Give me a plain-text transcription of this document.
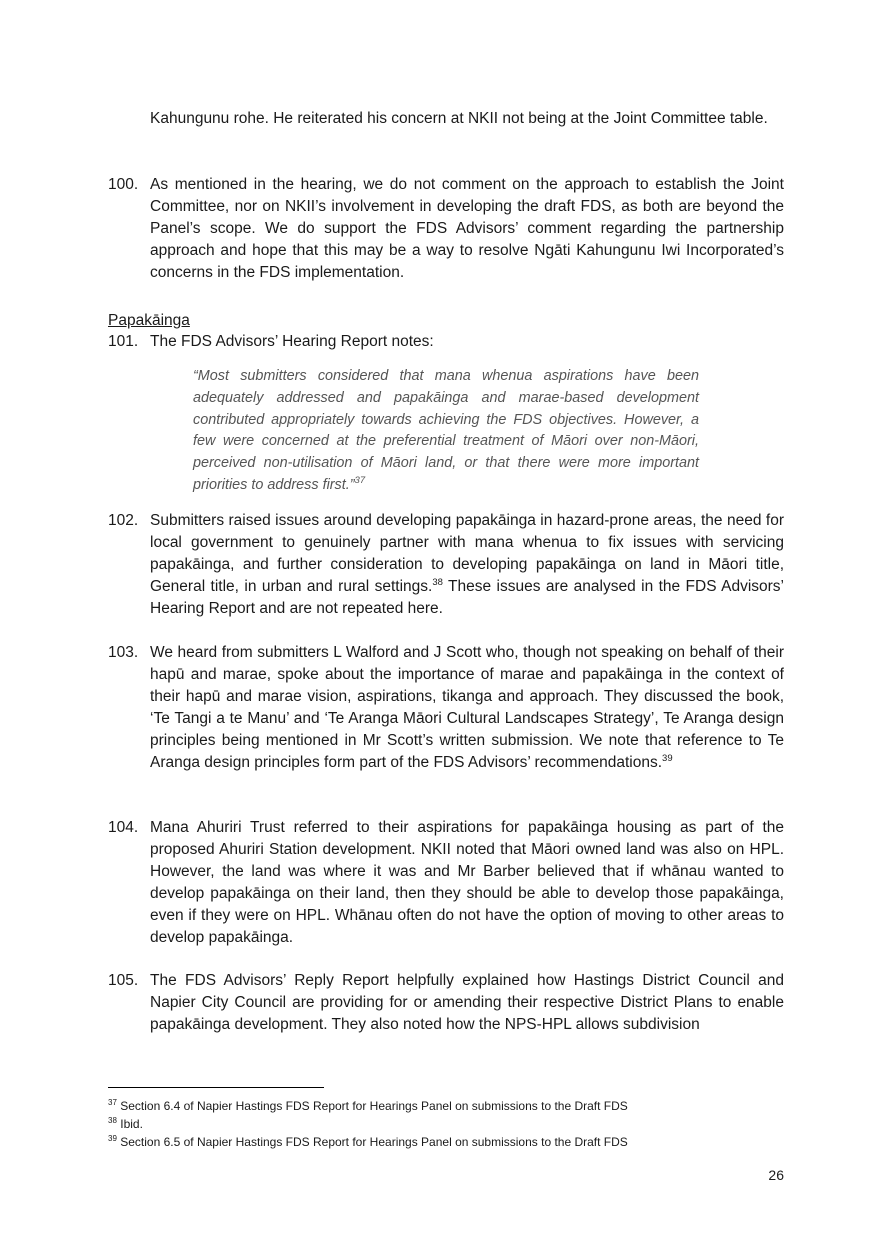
Kahungunu rohe. He reiterated his concern at NKII not being at the Joint Committee table.
100. As mentioned in the hearing, we do not comment on the approach to establish the Joint Committee, nor on NKII’s involvement in developing the draft FDS, as both are beyond the Panel’s scope. We do support the FDS Advisors’ comment regarding the partnership approach and hope that this may be a way to resolve Ngāti Kahungunu Iwi Incorporated’s concerns in the FDS implementation.
Papakāinga
101. The FDS Advisors’ Hearing Report notes:
“Most submitters considered that mana whenua aspirations have been adequately addressed and papakāinga and marae-based development contributed appropriately towards achieving the FDS objectives. However, a few were concerned at the preferential treatment of Māori over non-Māori, perceived non-utilisation of Māori land, or that there were more important priorities to address first.”$^{37}$
102. Submitters raised issues around developing papakāinga in hazard-prone areas, the need for local government to genuinely partner with mana whenua to fix issues with servicing papakāinga, and further consideration to developing papakāinga on land in Māori title, General title, in urban and rural settings.$^{38}$ These issues are analysed in the FDS Advisors’ Hearing Report and are not repeated here.
103. We heard from submitters L Walford and J Scott who, though not speaking on behalf of their hapū and marae, spoke about the importance of marae and papakāinga in the context of their hapū and marae vision, aspirations, tikanga and approach. They discussed the book, ‘Te Tangi a te Manu’ and ‘Te Aranga Māori Cultural Landscapes Strategy’, Te Aranga design principles being mentioned in Mr Scott’s written submission. We note that reference to Te Aranga design principles form part of the FDS Advisors’ recommendations.$^{39}$
104. Mana Ahuriri Trust referred to their aspirations for papakāinga housing as part of the proposed Ahuriri Station development. NKII noted that Māori owned land was also on HPL. However, the land was where it was and Mr Barber believed that if whānau wanted to develop papakāinga on their land, then they should be able to develop those papakāinga, even if they were on HPL. Whānau often do not have the option of moving to other areas to develop papakāinga.
105. The FDS Advisors’ Reply Report helpfully explained how Hastings District Council and Napier City Council are providing for or amending their respective District Plans to enable papakāinga development. They also noted how the NPS-HPL allows subdivision
$^{37}$ Section 6.4 of Napier Hastings FDS Report for Hearings Panel on submissions to the Draft FDS
$^{38}$ Ibid.
$^{39}$ Section 6.5 of Napier Hastings FDS Report for Hearings Panel on submissions to the Draft FDS
26
